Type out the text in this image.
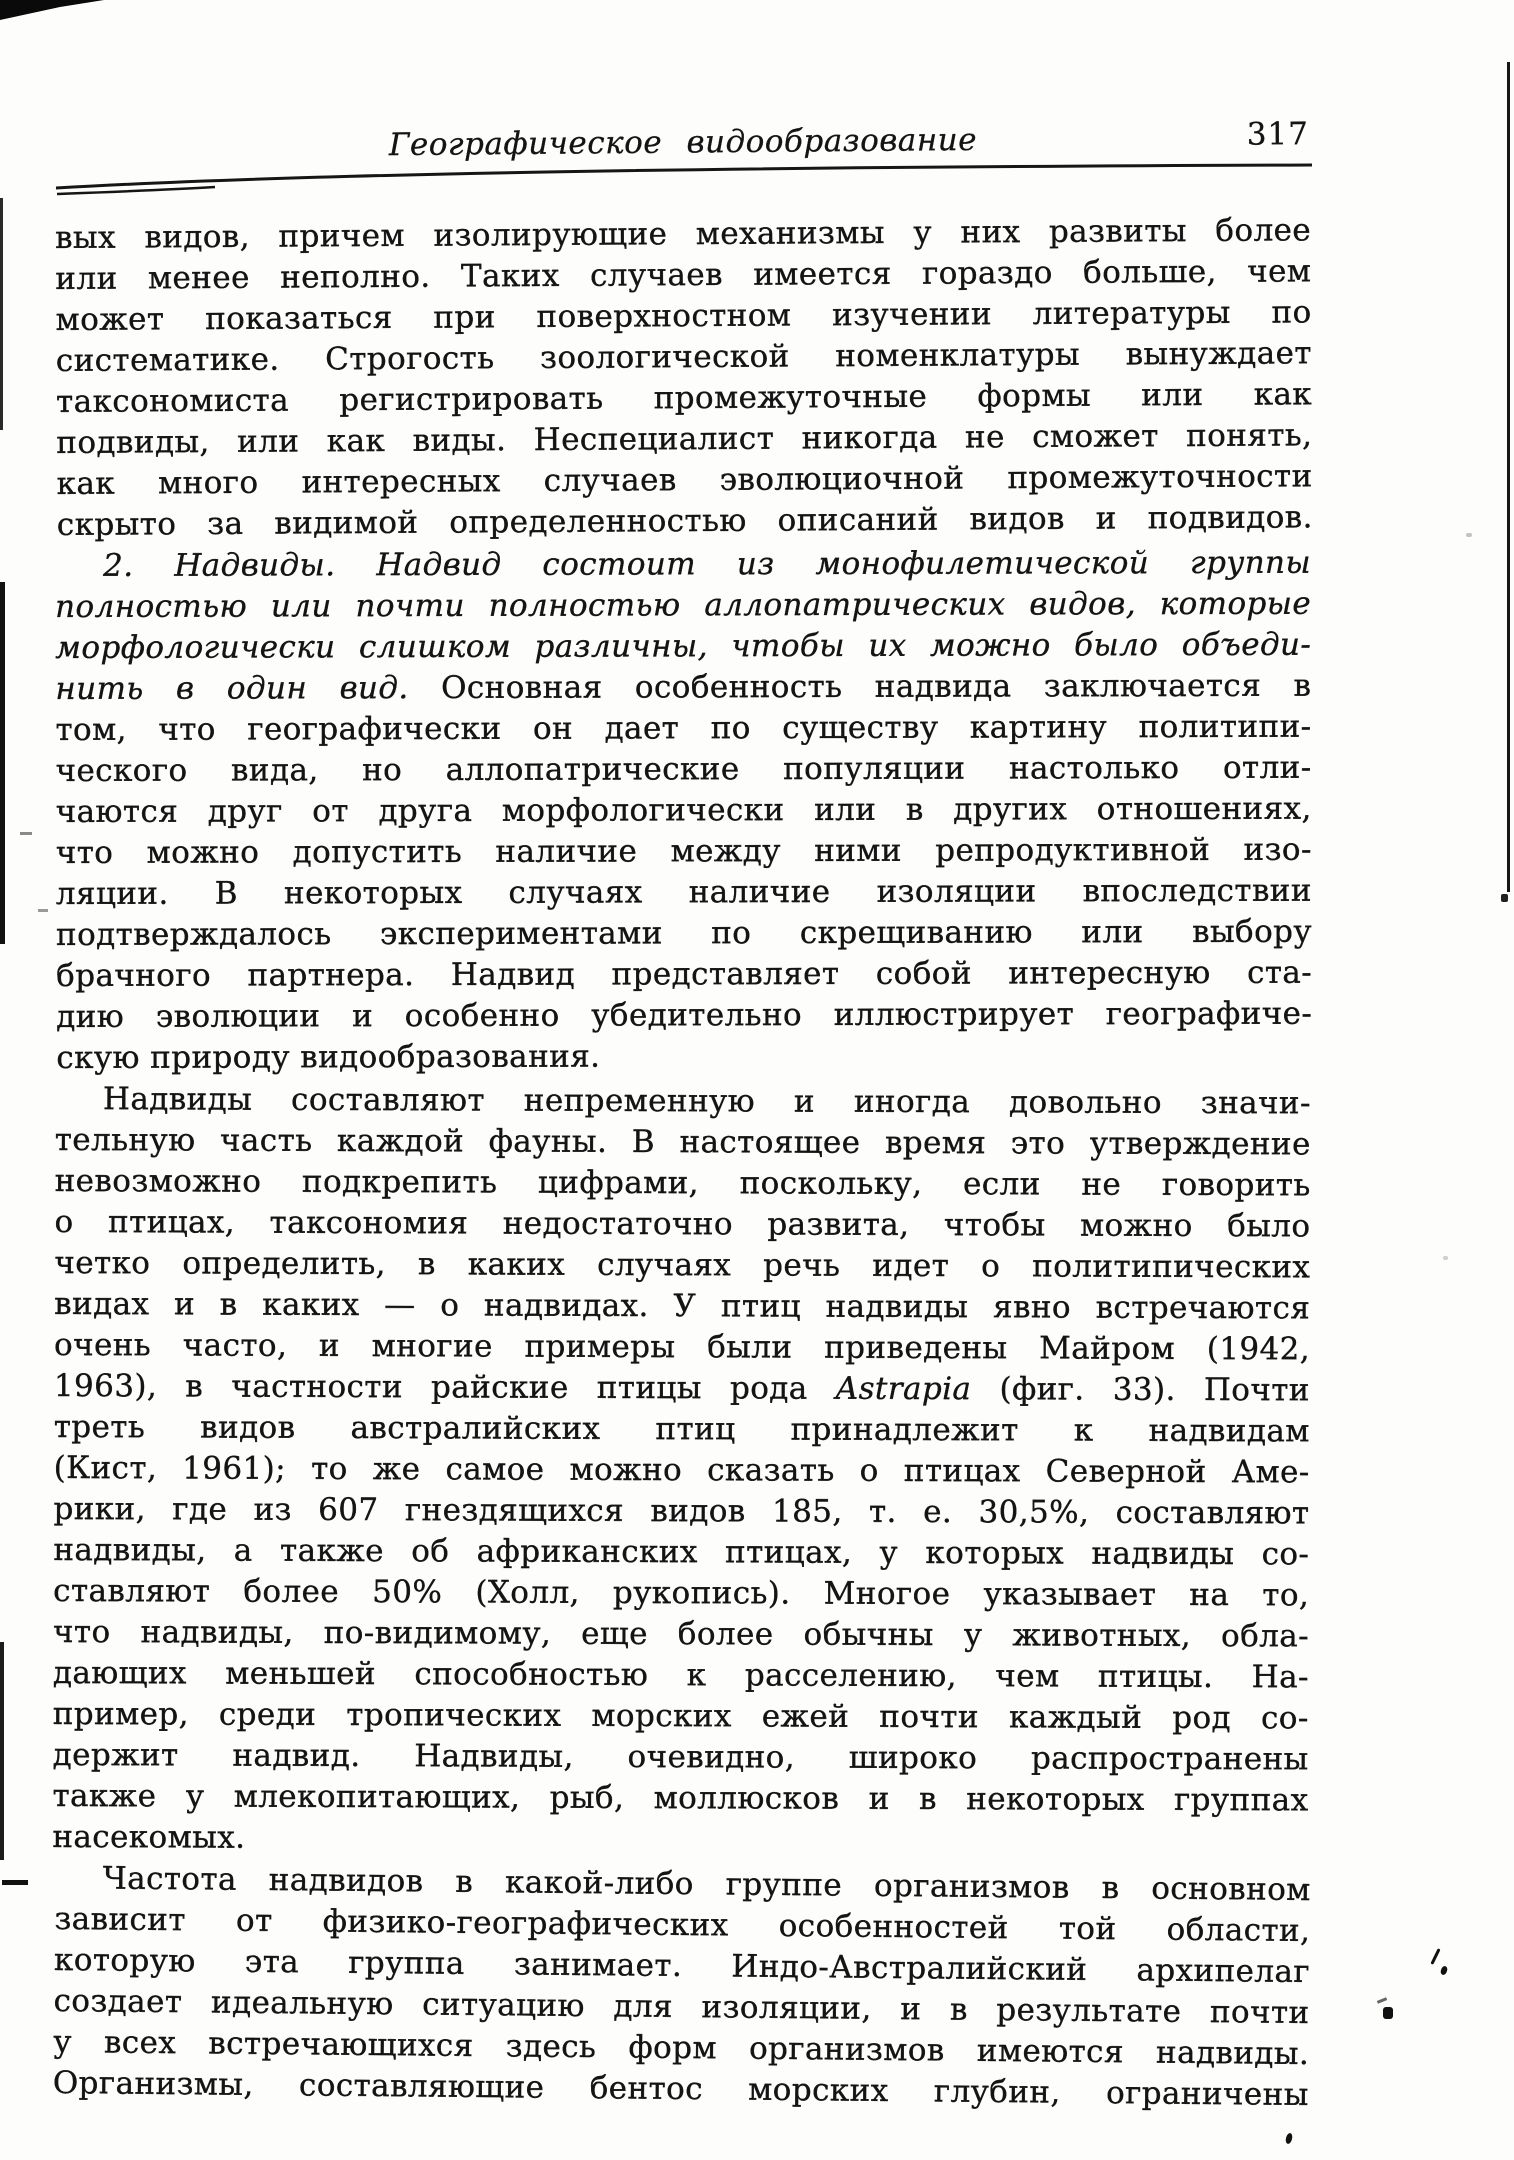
Географическое видообразование	317
вых видов, причем изолирующие механизмы у них развиты более
или менее неполно. Таких случаев имеется гораздо больше, чем
может показаться при поверхностном изучении литературы по
систематике. Строгость зоологической номенклатуры вынуждает
таксономиста регистрировать промежуточные формы или как
подвиды, или как виды. Неспециалист никогда не сможет понять,
как много интересных случаев эволюциочной промежуточности
скрыто за видимой определенностью описаний видов и подвидов.
2. Надвиды. Надвид состоит из монофилетической группы
полностью или почти полностью аллопатрических видов, которые
морфологически слишком различны, чтобы их можно было объеди-
нить в один вид. Основная особенность надвида заключается в
том, что географически он дает по существу картину политипи-
ческого вида, но аллопатрические популяции настолько отли-
чаются друг от друга морфологически или в других отношениях,
что можно допустить наличие между ними репродуктивной изо-
ляции. В некоторых случаях наличие изоляции впоследствии
подтверждалось экспериментами по скрещиванию или выбору
брачного партнера. Надвид представляет собой интересную ста-
дию эволюции и особенно убедительно иллюстрирует географиче-
скую природу видообразования.
Надвиды составляют непременную и иногда довольно значи-
тельную часть каждой фауны. В настоящее время это утверждение
невозможно подкрепить цифрами, поскольку, если не говорить
о птицах, таксономия недостаточно развита, чтобы можно было
четко определить, в каких случаях речь идет о политипических
видах и в каких — о надвидах. У птиц надвиды явно встречаются
очень часто, и многие примеры были приведены Майром (1942,
1963), в частности райские птицы рода Astrapia (фиг. 33). Почти
треть видов австралийских птиц принадлежит к надвидам
(Кист, 1961); то же самое можно сказать о птицах Северной Аме-
рики, где из 607 гнездящихся видов 185, т. е. 30,5%, составляют
надвиды, а также об африканских птицах, у которых надвиды со-
ставляют более 50% (Холл, рукопись). Многое указывает на то,
что надвиды, по-видимому, еще более обычны у животных, обла-
дающих меньшей способностью к расселению, чем птицы. На-
пример, среди тропических морских ежей почти каждый род со-
держит надвид. Надвиды, очевидно, широко распространены
также у млекопитающих, рыб, моллюсков и в некоторых группах
насекомых.
Частота надвидов в какой-либо группе организмов в основном
зависит от физико-географических особенностей той области,
которую эта группа занимает. Индо-Австралийский архипелаг
создает идеальную ситуацию для изоляции, и в результате почти
у всех встречающихся здесь форм организмов имеются надвиды.
Организмы, составляющие бентос морских глубин, ограничены
